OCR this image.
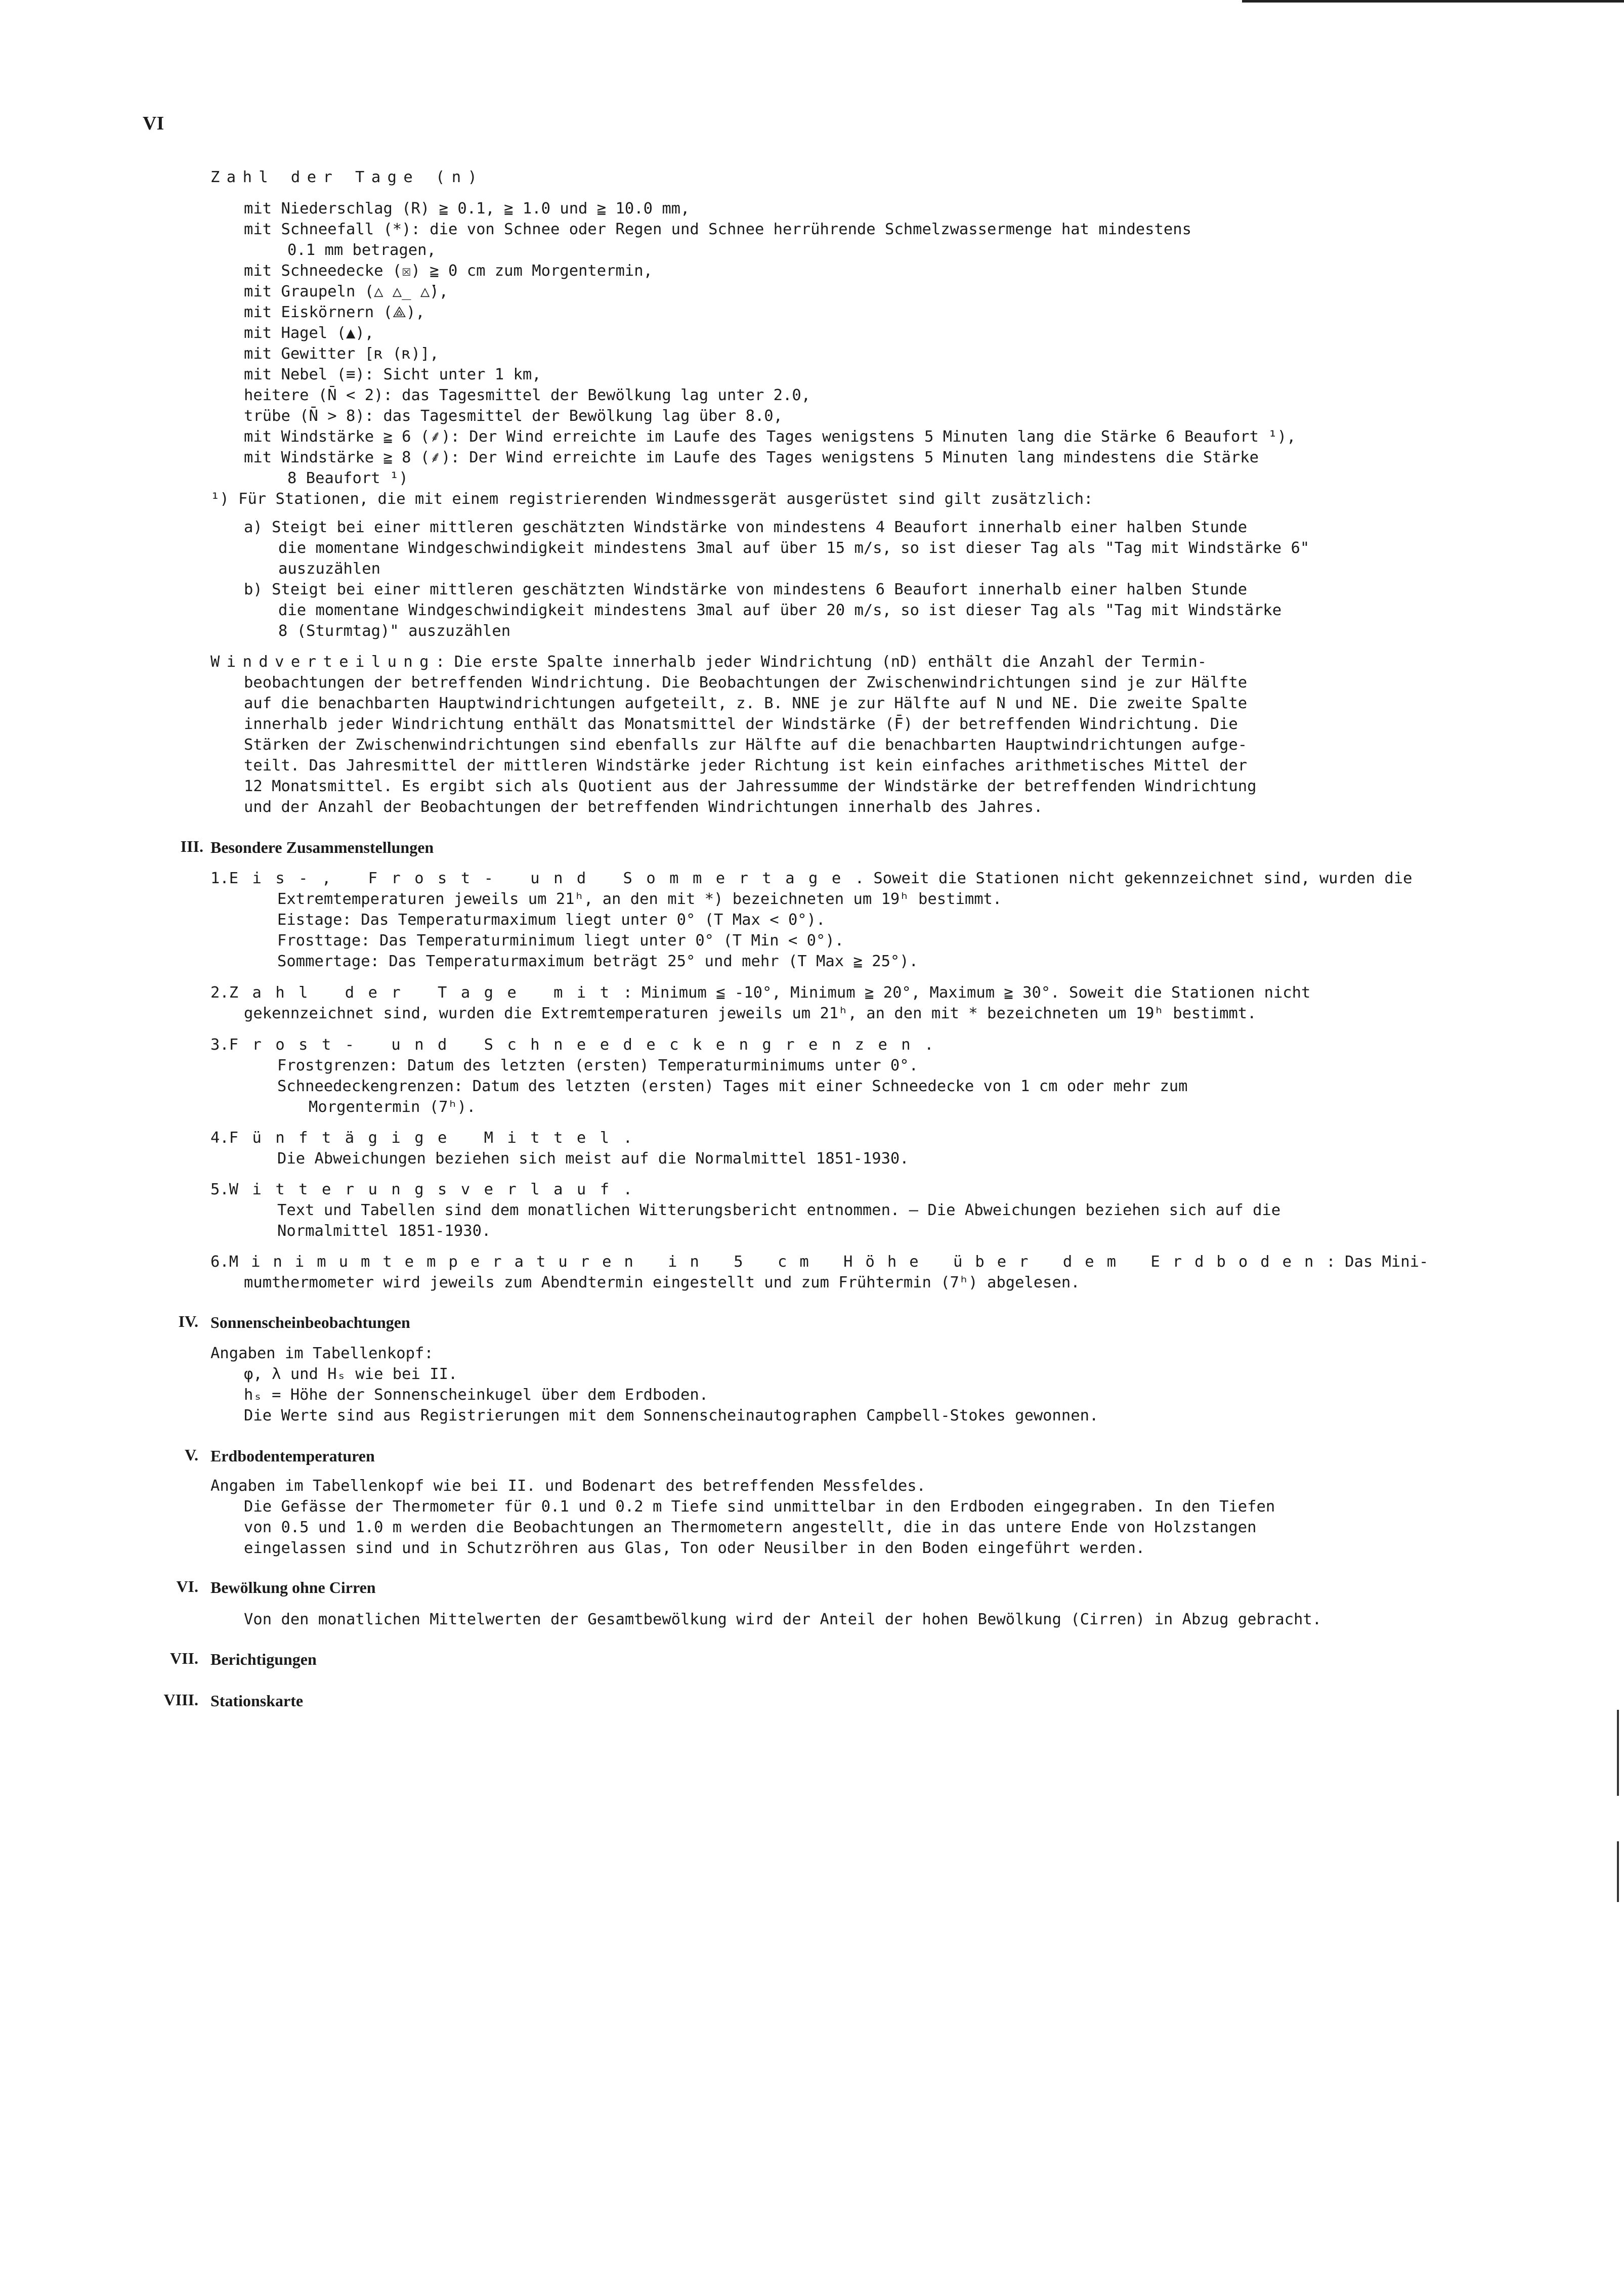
VI
Zahl der Tage (n)
mit Niederschlag (R) ≧ 0.1, ≧ 1.0 und ≧ 10.0 mm,
mit Schneefall (*): die von Schnee oder Regen und Schnee herrührende Schmelzwassermenge hat mindestens
0.1 mm betragen,
mit Schneedecke (☒) ≧ 0 cm zum Morgentermin,
mit Graupeln (△ △̲ △̇),
mit Eiskörnern (⟁),
mit Hagel (▲),
mit Gewitter [ʀ (ʀ)],
mit Nebel (≡): Sicht unter 1 km,
heitere (N̄ < 2): das Tagesmittel der Bewölkung lag unter 2.0,
trübe (N̄ > 8): das Tagesmittel der Bewölkung lag über 8.0,
mit Windstärke ≧ 6 (⸙): Der Wind erreichte im Laufe des Tages wenigstens 5 Minuten lang die Stärke 6 Beaufort ¹),
mit Windstärke ≧ 8 (⸙): Der Wind erreichte im Laufe des Tages wenigstens 5 Minuten lang mindestens die Stärke
8 Beaufort ¹)
¹) Für Stationen, die mit einem registrierenden Windmessgerät ausgerüstet sind gilt zusätzlich:
a) Steigt bei einer mittleren geschätzten Windstärke von mindestens 4 Beaufort innerhalb einer halben Stunde
die momentane Windgeschwindigkeit mindestens 3mal auf über 15 m/s, so ist dieser Tag als "Tag mit Windstärke 6"
auszuzählen
b) Steigt bei einer mittleren geschätzten Windstärke von mindestens 6 Beaufort innerhalb einer halben Stunde
die momentane Windgeschwindigkeit mindestens 3mal auf über 20 m/s, so ist dieser Tag als "Tag mit Windstärke
8 (Sturmtag)" auszuzählen
Windverteilung: Die erste Spalte innerhalb jeder Windrichtung (nD) enthält die Anzahl der Termin-
beobachtungen der betreffenden Windrichtung. Die Beobachtungen der Zwischenwindrichtungen sind je zur Hälfte
auf die benachbarten Hauptwindrichtungen aufgeteilt, z. B. NNE je zur Hälfte auf N und NE. Die zweite Spalte
innerhalb jeder Windrichtung enthält das Monatsmittel der Windstärke (F̄) der betreffenden Windrichtung. Die
Stärken der Zwischenwindrichtungen sind ebenfalls zur Hälfte auf die benachbarten Hauptwindrichtungen aufge-
teilt. Das Jahresmittel der mittleren Windstärke jeder Richtung ist kein einfaches arithmetisches Mittel der
12 Monatsmittel. Es ergibt sich als Quotient aus der Jahressumme der Windstärke der betreffenden Windrichtung
und der Anzahl der Beobachtungen der betreffenden Windrichtungen innerhalb des Jahres.
III. Besondere Zusammenstellungen
1.Eis-, Frost- und Sommertage. Soweit die Stationen nicht gekennzeichnet sind, wurden die
Extremtemperaturen jeweils um 21ʰ, an den mit *) bezeichneten um 19ʰ bestimmt.
Eistage: Das Temperaturmaximum liegt unter 0° (T Max < 0°).
Frosttage: Das Temperaturminimum liegt unter 0° (T Min < 0°).
Sommertage: Das Temperaturmaximum beträgt 25° und mehr (T Max ≧ 25°).
2.Zahl der Tage mit: Minimum ≦ -10°, Minimum ≧ 20°, Maximum ≧ 30°. Soweit die Stationen nicht
gekennzeichnet sind, wurden die Extremtemperaturen jeweils um 21ʰ, an den mit * bezeichneten um 19ʰ bestimmt.
3.Frost- und Schneedeckengrenzen.
Frostgrenzen: Datum des letzten (ersten) Temperaturminimums unter 0°.
Schneedeckengrenzen: Datum des letzten (ersten) Tages mit einer Schneedecke von 1 cm oder mehr zum
Morgentermin (7ʰ).
4.Fünftägige Mittel.
Die Abweichungen beziehen sich meist auf die Normalmittel 1851-1930.
5.Witterungsverlauf.
Text und Tabellen sind dem monatlichen Witterungsbericht entnommen. — Die Abweichungen beziehen sich auf die
Normalmittel 1851-1930.
6.Minimumtemperaturen in 5 cm Höhe über dem Erdboden: Das Mini-
mumthermometer wird jeweils zum Abendtermin eingestellt und zum Frühtermin (7ʰ) abgelesen.
IV. Sonnenscheinbeobachtungen
Angaben im Tabellenkopf:
φ, λ und Hₛ wie bei II.
hₛ = Höhe der Sonnenscheinkugel über dem Erdboden.
Die Werte sind aus Registrierungen mit dem Sonnenscheinautographen Campbell-Stokes gewonnen.
V. Erdbodentemperaturen
Angaben im Tabellenkopf wie bei II. und Bodenart des betreffenden Messfeldes.
Die Gefässe der Thermometer für 0.1 und 0.2 m Tiefe sind unmittelbar in den Erdboden eingegraben. In den Tiefen
von 0.5 und 1.0 m werden die Beobachtungen an Thermometern angestellt, die in das untere Ende von Holzstangen
eingelassen sind und in Schutzröhren aus Glas, Ton oder Neusilber in den Boden eingeführt werden.
VI. Bewölkung ohne Cirren
Von den monatlichen Mittelwerten der Gesamtbewölkung wird der Anteil der hohen Bewölkung (Cirren) in Abzug gebracht.
VII. Berichtigungen
VIII. Stationskarte
